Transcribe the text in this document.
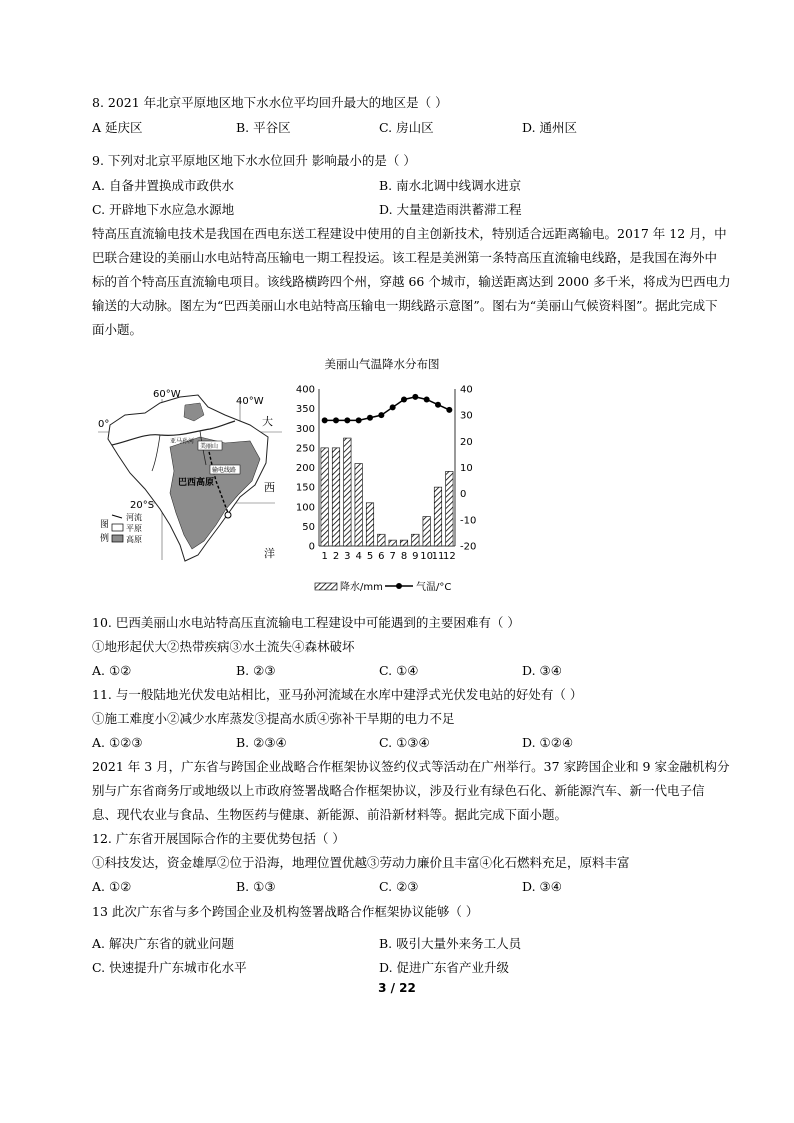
8. 2021 年北京平原地区地下水水位平均回升最大的地区是（ ）
A 延庆区	B. 平谷区	C. 房山区	D. 通州区
9. 下列对北京平原地区地下水水位回升 影响最小的是（ ）
A. 自备井置换成市政供水	B. 南水北调中线调水进京
C. 开辟地下水应急水源地	D. 大量建造雨洪蓄滞工程
特高压直流输电技术是我国在西电东送工程建设中使用的自主创新技术，特别适合远距离输电。2017 年 12 月，中
巴联合建设的美丽山水电站特高压输电一期工程投运。该工程是美洲第一条特高压直流输电线路，是我国在海外中
标的首个特高压直流输电项目。该线路横跨四个州，穿越 66 个城市，输送距离达到 2000 多千米，将成为巴西电力
输送的大动脉。图左为“巴西美丽山水电站特高压输电一期线路示意图”。图右为“美丽山气候资料图”。据此完成下
面小题。
60°W
40°W
0°
20°S
亚马孙河
美丽山
输电线路
巴西高原
大
西
洋
图
例
河流
平原
高原
美丽山气温降水分布图
0
50
100
150
200
250
300
350
400
-20
-10
0
10
20
30
40
1 2 3 4 5 6 7 8 9 10
11
12
降水/mm	气温/°C
10. 巴西美丽山水电站特高压直流输电工程建设中可能遇到的主要困难有（ ）
①地形起伏大②热带疾病③水土流失④森林破坏
A. ①②	B. ②③	C. ①④	D. ③④
11. 与一般陆地光伏发电站相比，亚马孙河流域在水库中建浮式光伏发电站的好处有（ ）
①施工难度小②减少水库蒸发③提高水质④弥补干旱期的电力不足
A. ①②③	B. ②③④	C. ①③④	D. ①②④
2021 年 3 月，广东省与跨国企业战略合作框架协议签约仪式等活动在广州举行。37 家跨国企业和 9 家金融机构分
别与广东省商务厅或地级以上市政府签署战略合作框架协议，涉及行业有绿色石化、新能源汽车、新一代电子信
息、现代农业与食品、生物医药与健康、新能源、前沿新材料等。据此完成下面小题。
12. 广东省开展国际合作的主要优势包括（ ）
①科技发达，资金雄厚②位于沿海，地理位置优越③劳动力廉价且丰富④化石燃料充足，原料丰富
A. ①②	B. ①③	C. ②③	D. ③④
13 此次广东省与多个跨国企业及机构签署战略合作框架协议能够（ ）
A. 解决广东省的就业问题	B. 吸引大量外来务工人员
C. 快速提升广东城市化水平	D. 促进广东省产业升级
3 / 22
